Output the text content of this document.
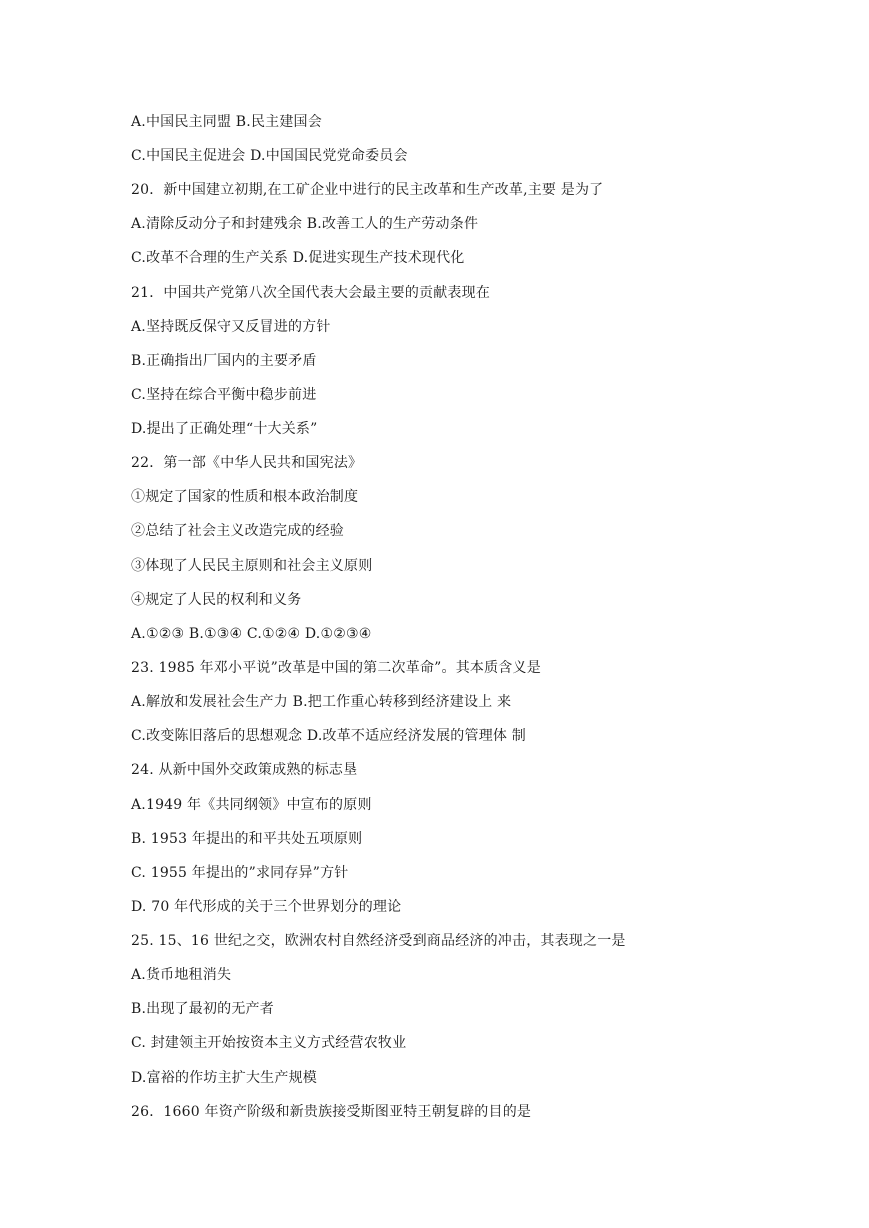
A.中国民主同盟 B.民主建国会
C.中国民主促进会 D.中国国民党党命委员会
20．新中国建立初期,在工矿企业中进行的民主改革和生产改革,主要 是为了
A.清除反动分子和封建残余 B.改善工人的生产劳动条件
C.改革不合理的生产关系 D.促进实现生产技术现代化
21．中国共产党第八次全国代表大会最主要的贡献表现在
A.坚持既反保守又反冒进的方针
B.正确指出厂国内的主要矛盾
C.坚持在综合平衡中稳步前进
D.提出了正确处理“十大关系”
22．第一部《中华人民共和国宪法》
①规定了国家的性质和根本政治制度
②总结了社会主义改造完成的经验
③体现了人民民主原则和社会主义原则
④规定了人民的权利和义务
A.①②③ B.①③④ C.①②④ D.①②③④
23. 1985 年邓小平说”改革是中国的第二次革命”。其本质含义是
A.解放和发展社会生产力 B.把工作重心转移到经济建设上 来
C.改变陈旧落后的思想观念 D.改革不适应经济发展的管理体 制
24. 从新中国外交政策成熟的标志垦
A.1949 年《共同纲领》中宣布的原则
B. 1953 年提出的和平共处五项原则
C. 1955 年提出的”求同存异”方针
D. 70 年代形成的关于三个世界划分的理论
25. 15、16 世纪之交，欧洲农村自然经济受到商品经济的冲击，其表现之一是
A.货币地租消失
B.出现了最初的无产者
C. 封建领主开始按资本主义方式经营农牧业
D.富裕的作坊主扩大生产规模
26．1660 年资产阶级和新贵族接受斯图亚特王朝复辟的目的是
